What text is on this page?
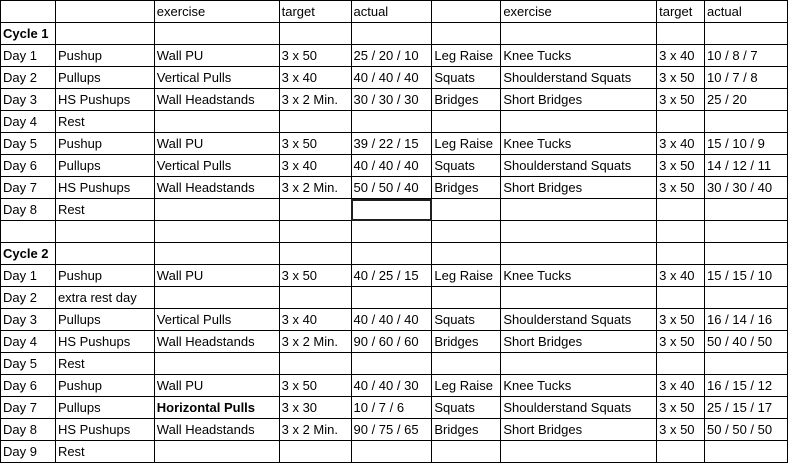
		exercise	target	actual		exercise	target	actual
Cycle 1								
Day 1	Pushup	Wall PU	3 x 50	25 / 20 / 10	Leg Raise	Knee Tucks	3 x 40	10 / 8 / 7
Day 2	Pullups	Vertical Pulls	3 x 40	40 / 40 / 40	Squats	Shoulderstand Squats	3 x 50	10 / 7 / 8
Day 3	HS Pushups	Wall Headstands	3 x 2 Min.	30 / 30 / 30	Bridges	Short Bridges	3 x 50	25 / 20
Day 4	Rest							
Day 5	Pushup	Wall PU	3 x 50	39 / 22 / 15	Leg Raise	Knee Tucks	3 x 40	15 / 10 / 9
Day 6	Pullups	Vertical Pulls	3 x 40	40 / 40 / 40	Squats	Shoulderstand Squats	3 x 50	14 / 12 / 11
Day 7	HS Pushups	Wall Headstands	3 x 2 Min.	50 / 50 / 40	Bridges	Short Bridges	3 x 50	30 / 30 / 40
Day 8	Rest							

Cycle 2								
Day 1	Pushup	Wall PU	3 x 50	40 / 25 / 15	Leg Raise	Knee Tucks	3 x 40	15 / 15 / 10
Day 2	extra rest day							
Day 3	Pullups	Vertical Pulls	3 x 40	40 / 40 / 40	Squats	Shoulderstand Squats	3 x 50	16 / 14 / 16
Day 4	HS Pushups	Wall Headstands	3 x 2 Min.	90 / 60 / 60	Bridges	Short Bridges	3 x 50	50 / 40 / 50
Day 5	Rest							
Day 6	Pushup	Wall PU	3 x 50	40 / 40 / 30	Leg Raise	Knee Tucks	3 x 40	16 / 15 / 12
Day 7	Pullups	Horizontal Pulls	3 x 30	10 / 7 / 6	Squats	Shoulderstand Squats	3 x 50	25 / 15 / 17
Day 8	HS Pushups	Wall Headstands	3 x 2 Min.	90 / 75 / 65	Bridges	Short Bridges	3 x 50	50 / 50 / 50
Day 9	Rest							
